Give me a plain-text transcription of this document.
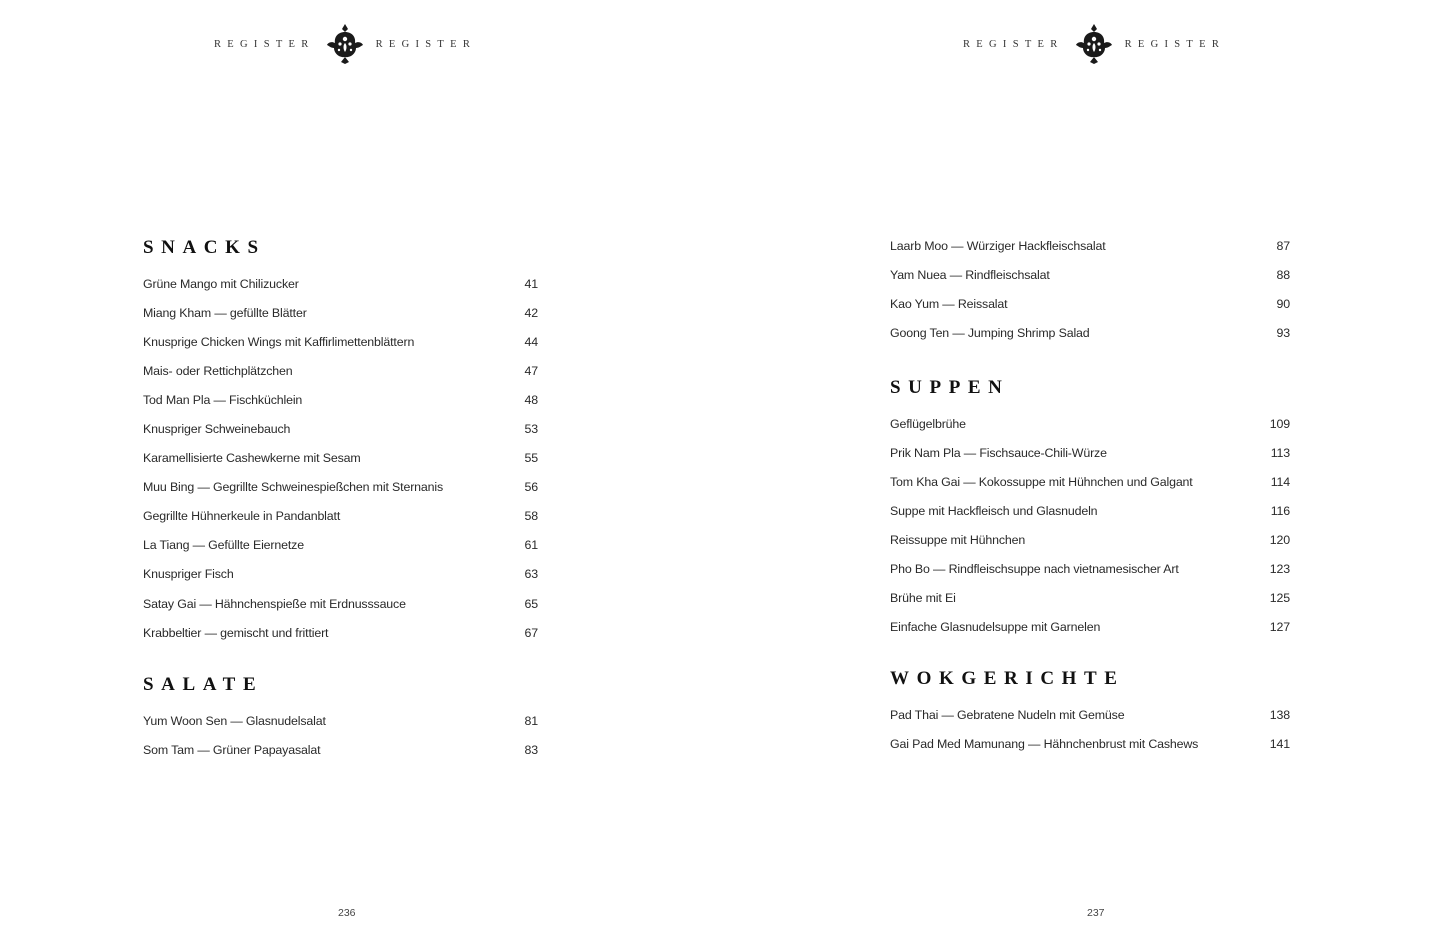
REGISTER	REGISTER
SNACKS
Grüne Mango mit Chilizucker	41
Miang Kham — gefüllte Blätter	42
Knusprige Chicken Wings mit Kaffirlimettenblättern	44
Mais- oder Rettichplätzchen	47
Tod Man Pla — Fischküchlein	48
Knuspriger Schweinebauch	53
Karamellisierte Cashewkerne mit Sesam	55
Muu Bing — Gegrillte Schweinespießchen mit Sternanis	56
Gegrillte Hühnerkeule in Pandanblatt	58
La Tiang — Gefüllte Eiernetze	61
Knuspriger Fisch	63
Satay Gai — Hähnchenspieße mit Erdnusssauce	65
Krabbeltier — gemischt und frittiert	67
SALATE
Yum Woon Sen — Glasnudelsalat	81
Som Tam — Grüner Papayasalat	83
236
REGISTER	REGISTER
Laarb Moo — Würziger Hackfleischsalat	87
Yam Nuea — Rindfleischsalat	88
Kao Yum — Reissalat	90
Goong Ten — Jumping Shrimp Salad	93
SUPPEN
Geflügelbrühe	109
Prik Nam Pla — Fischsauce-Chili-Würze	113
Tom Kha Gai — Kokossuppe mit Hühnchen und Galgant	114
Suppe mit Hackfleisch und Glasnudeln	116
Reissuppe mit Hühnchen	120
Pho Bo — Rindfleischsuppe nach vietnamesischer Art	123
Brühe mit Ei	125
Einfache Glasnudelsuppe mit Garnelen	127
WOKGERICHTE
Pad Thai — Gebratene Nudeln mit Gemüse	138
Gai Pad Med Mamunang — Hähnchenbrust mit Cashews	141
237
